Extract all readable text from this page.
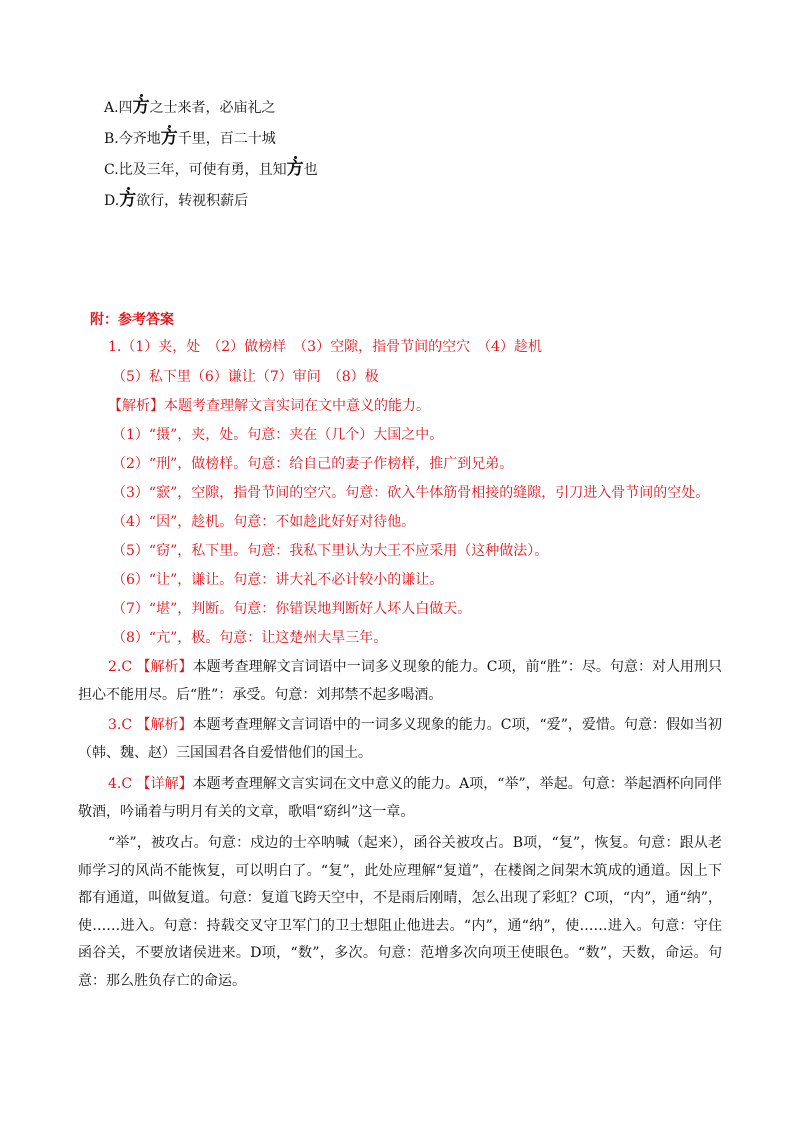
A.四方之士来者，必庙礼之
B.今齐地方千里，百二十城
C.比及三年，可使有勇，且知方也
D.方欲行，转视积薪后
附：参考答案
1.（1）夹，处　（2）做榜样　（3）空隙，指骨节间的空穴　（4）趁机
（5）私下里（6）谦让（7）审问　（8）极
【解析】本题考查理解文言实词在文中意义的能力。
（1）“摄”，夹，处。句意：夹在（几个）大国之中。
（2）“刑”，做榜样。句意：给自己的妻子作榜样，推广到兄弟。
（3）“窾”，空隙，指骨节间的空穴。句意：砍入牛体筋骨相接的缝隙，引刀进入骨节间的空处。
（4）“因”，趁机。句意：不如趁此好好对待他。
（5）“窃”，私下里。句意：我私下里认为大王不应采用（这种做法）。
（6）“让”，谦让。句意：讲大礼不必计较小的谦让。
（7）“堪”，判断。句意：你错误地判断好人坏人白做天。
（8）“亢”，极。句意：让这楚州大旱三年。
2.C 【解析】本题考查理解文言词语中一词多义现象的能力。C项，前“胜”：尽。句意：对人用刑只担心不能用尽。后“胜”：承受。句意：刘邦禁不起多喝酒。
3.C 【解析】本题考查理解文言词语中的一词多义现象的能力。C项，“爱”，爱惜。句意：假如当初（韩、魏、赵）三国国君各自爱惜他们的国土。
4.C 【详解】本题考查理解文言实词在文中意义的能力。A项，“举”，举起。句意：举起酒杯向同伴敬酒，吟诵着与明月有关的文章，歌唱“窈纠”这一章。
“举”，被攻占。句意：戍边的士卒呐喊（起来），函谷关被攻占。B项，“复”，恢复。句意：跟从老师学习的风尚不能恢复，可以明白了。“复”，此处应理解“复道”，在楼阁之间架木筑成的通道。因上下都有通道，叫做复道。句意：复道飞跨天空中，不是雨后刚晴，怎么出现了彩虹？C项，“内”，通“纳”，使……进入。句意：持载交叉守卫军门的卫士想阻止他进去。“内”，通“纳”，使……进入。句意：守住函谷关，不要放诸侯进来。D项，“数”，多次。句意：范增多次向项王使眼色。“数”，天数，命运。句意：那么胜负存亡的命运。
